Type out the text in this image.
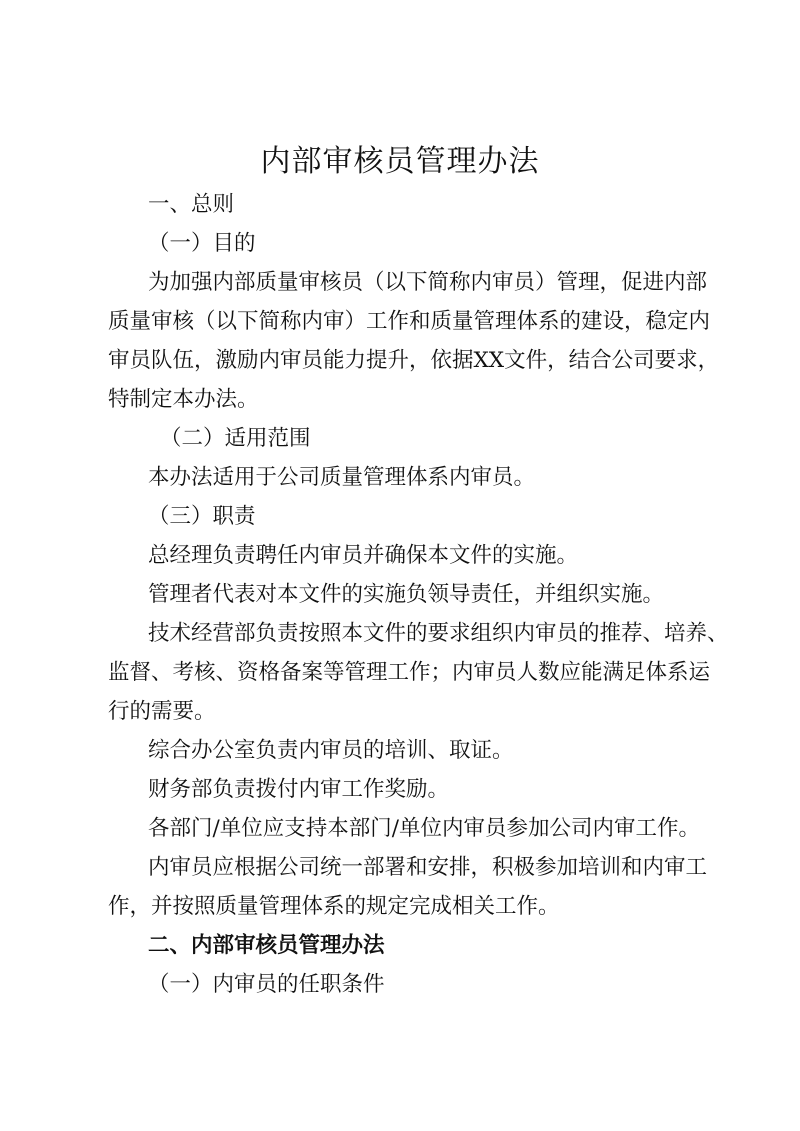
内部审核员管理办法
一、总则
（一）目的
为加强内部质量审核员（以下简称内审员）管理，促进内部
质量审核（以下简称内审）工作和质量管理体系的建设，稳定内
审员队伍，激励内审员能力提升，依据XX文件，结合公司要求，
特制定本办法。
（二）适用范围
本办法适用于公司质量管理体系内审员。
（三）职责
总经理负责聘任内审员并确保本文件的实施。
管理者代表对本文件的实施负领导责任，并组织实施。
技术经营部负责按照本文件的要求组织内审员的推荐、培养、
监督、考核、资格备案等管理工作；内审员人数应能满足体系运
行的需要。
综合办公室负责内审员的培训、取证。
财务部负责拨付内审工作奖励。
各部门/单位应支持本部门/单位内审员参加公司内审工作。
内审员应根据公司统一部署和安排，积极参加培训和内审工
作，并按照质量管理体系的规定完成相关工作。
二、内部审核员管理办法
（一）内审员的任职条件
